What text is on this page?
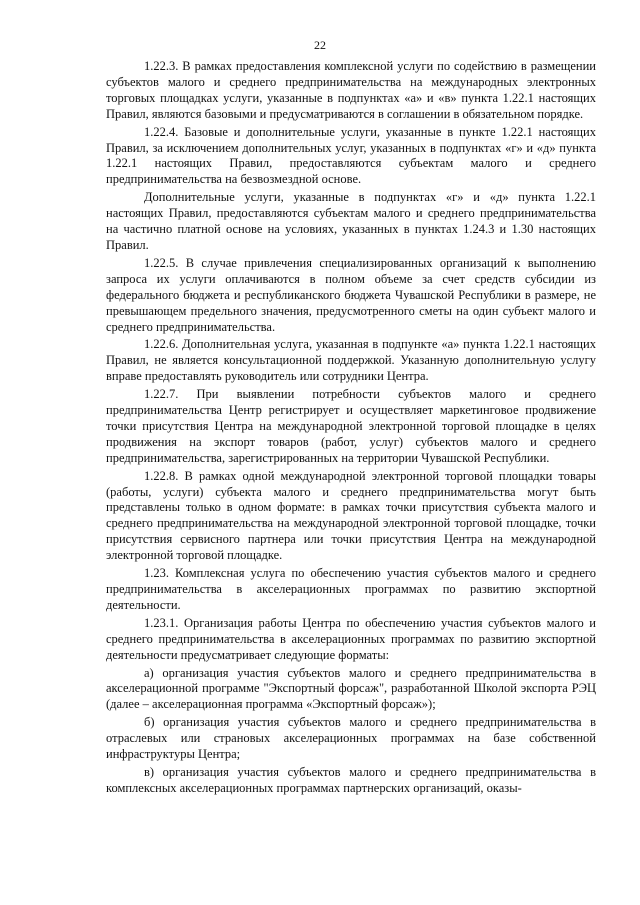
22

1.22.3. В рамках предоставления комплексной услуги по содействию в размещении субъектов малого и среднего предпринимательства на международных электронных торговых площадках услуги, указанные в подпунктах «а» и «в» пункта 1.22.1 настоящих Правил, являются базовыми и предусматриваются в соглашении в обязательном порядке.

1.22.4. Базовые и дополнительные услуги, указанные в пункте 1.22.1 настоящих Правил, за исключением дополнительных услуг, указанных в подпунктах «г» и «д» пункта 1.22.1 настоящих Правил, предоставляются субъектам малого и среднего предпринимательства на безвозмездной основе.

Дополнительные услуги, указанные в подпунктах «г» и «д» пункта 1.22.1 настоящих Правил, предоставляются субъектам малого и среднего предпринимательства на частично платной основе на условиях, указанных в пунктах 1.24.3 и 1.30 настоящих Правил.

1.22.5. В случае привлечения специализированных организаций к выполнению запроса их услуги оплачиваются в полном объеме за счет средств субсидии из федерального бюджета и республиканского бюджета Чувашской Республики в размере, не превышающем предельного значения, предусмотренного сметы на один субъект малого и среднего предпринимательства.

1.22.6. Дополнительная услуга, указанная в подпункте «а» пункта 1.22.1 настоящих Правил, не является консультационной поддержкой. Указанную дополнительную услугу вправе предоставлять руководитель или сотрудники Центра.

1.22.7. При выявлении потребности субъектов малого и среднего предпринимательства Центр регистрирует и осуществляет маркетинговое продвижение точки присутствия Центра на международной электронной торговой площадке в целях продвижения на экспорт товаров (работ, услуг) субъектов малого и среднего предпринимательства, зарегистрированных на территории Чувашской Республики.

1.22.8. В рамках одной международной электронной торговой площадки товары (работы, услуги) субъекта малого и среднего предпринимательства могут быть представлены только в одном формате: в рамках точки присутствия субъекта малого и среднего предпринимательства на международной электронной торговой площадке, точки присутствия сервисного партнера или точки присутствия Центра на международной электронной торговой площадке.

1.23. Комплексная услуга по обеспечению участия субъектов малого и среднего предпринимательства в акселерационных программах по развитию экспортной деятельности.

1.23.1. Организация работы Центра по обеспечению участия субъектов малого и среднего предпринимательства в акселерационных программах по развитию экспортной деятельности предусматривает следующие форматы:

а) организация участия субъектов малого и среднего предпринимательства в акселерационной программе "Экспортный форсаж", разработанной Школой экспорта РЭЦ (далее – акселерационная программа «Экспортный форсаж»);

б) организация участия субъектов малого и среднего предпринимательства в отраслевых или страновых акселерационных программах на базе собственной инфраструктуры Центра;

в) организация участия субъектов малого и среднего предпринимательства в комплексных акселерационных программах партнерских организаций, оказы-
